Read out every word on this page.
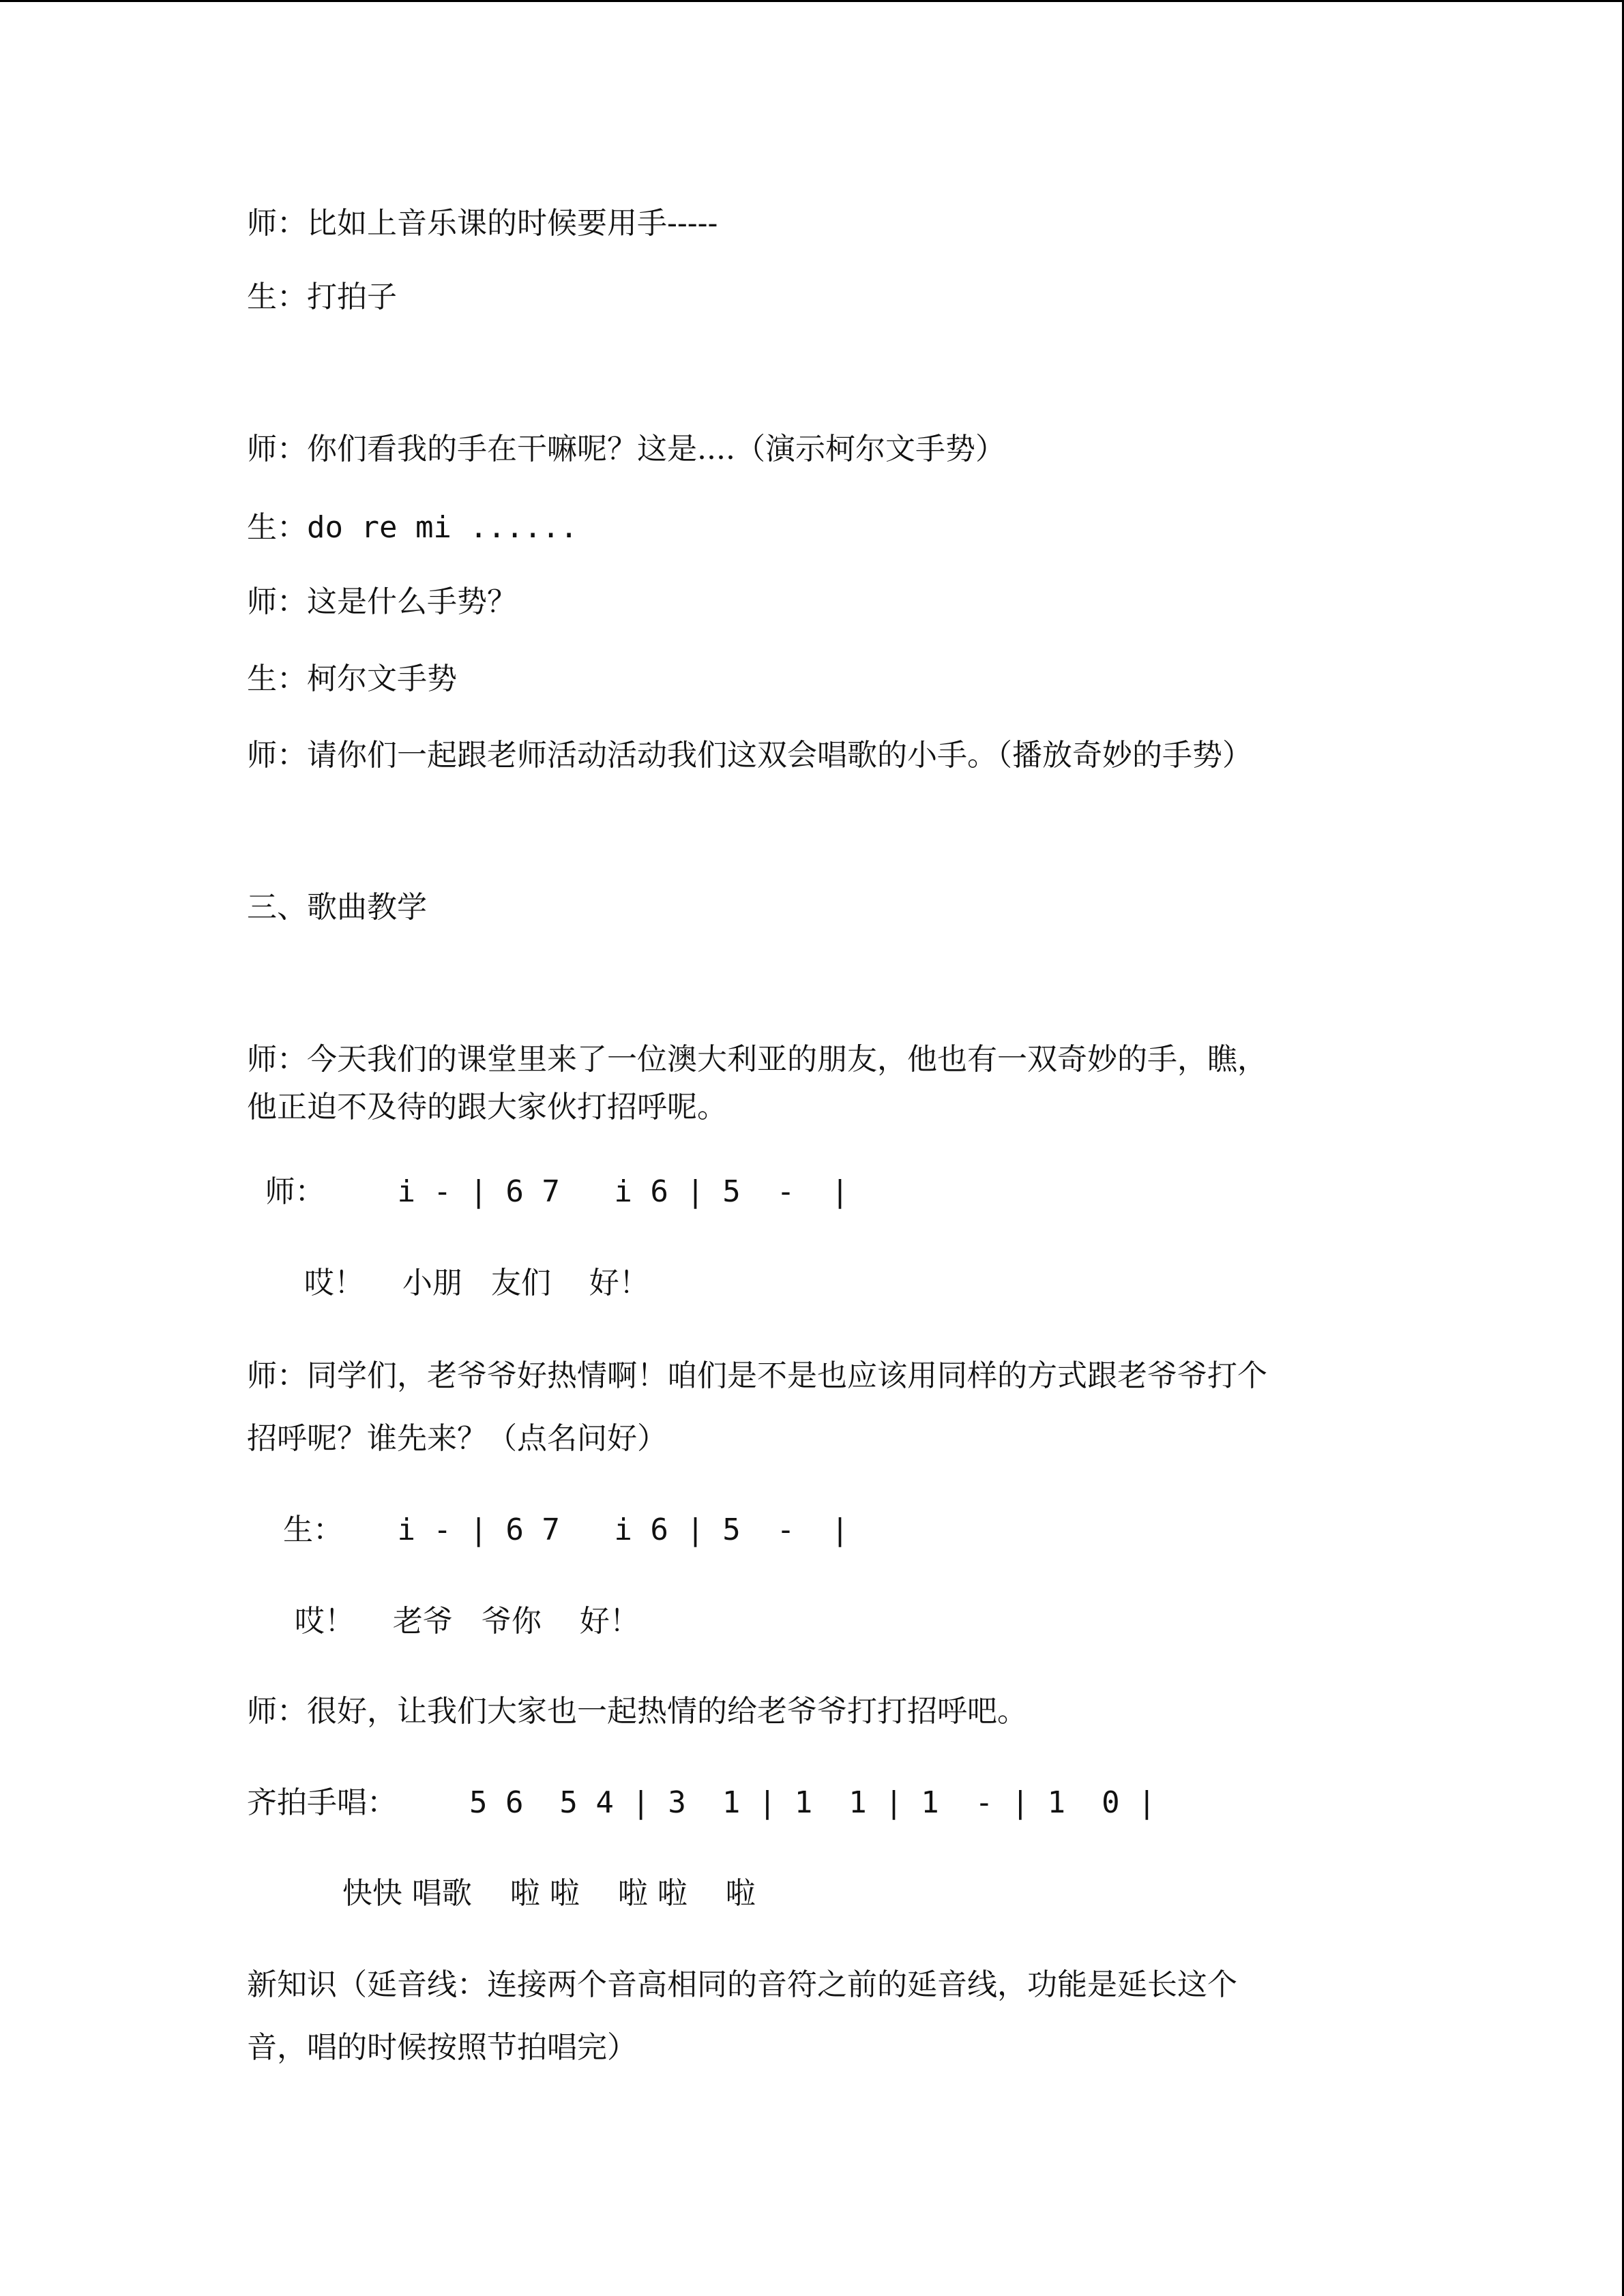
师：比如上音乐课的时候要用手-----
生：打拍子
师：你们看我的手在干嘛呢？这是....（演示柯尔文手势）
生：do re mi ......
师：这是什么手势？
生：柯尔文手势
师：请你们一起跟老师活动活动我们这双会唱歌的小手。（播放奇妙的手势）
三、歌曲教学
师：今天我们的课堂里来了一位澳大利亚的朋友，他也有一双奇妙的手，瞧，
他正迫不及待的跟大家伙打招呼呢。
师：    i - | 6 7   i 6 | 5  -  |
哎！    小朋   友们    好！
师：同学们，老爷爷好热情啊！咱们是不是也应该用同样的方式跟老爷爷打个
招呼呢？谁先来？（点名问好）
生：   i - | 6 7   i 6 | 5  -  |
哎！    老爷   爷你    好！
师：很好，让我们大家也一起热情的给老爷爷打打招呼吧。
齐拍手唱：    5 6  5 4 | 3  1 | 1  1 | 1  - | 1  0 |
快快 唱歌    啦 啦    啦 啦    啦
新知识（延音线：连接两个音高相同的音符之前的延音线，功能是延长这个
音，唱的时候按照节拍唱完）
